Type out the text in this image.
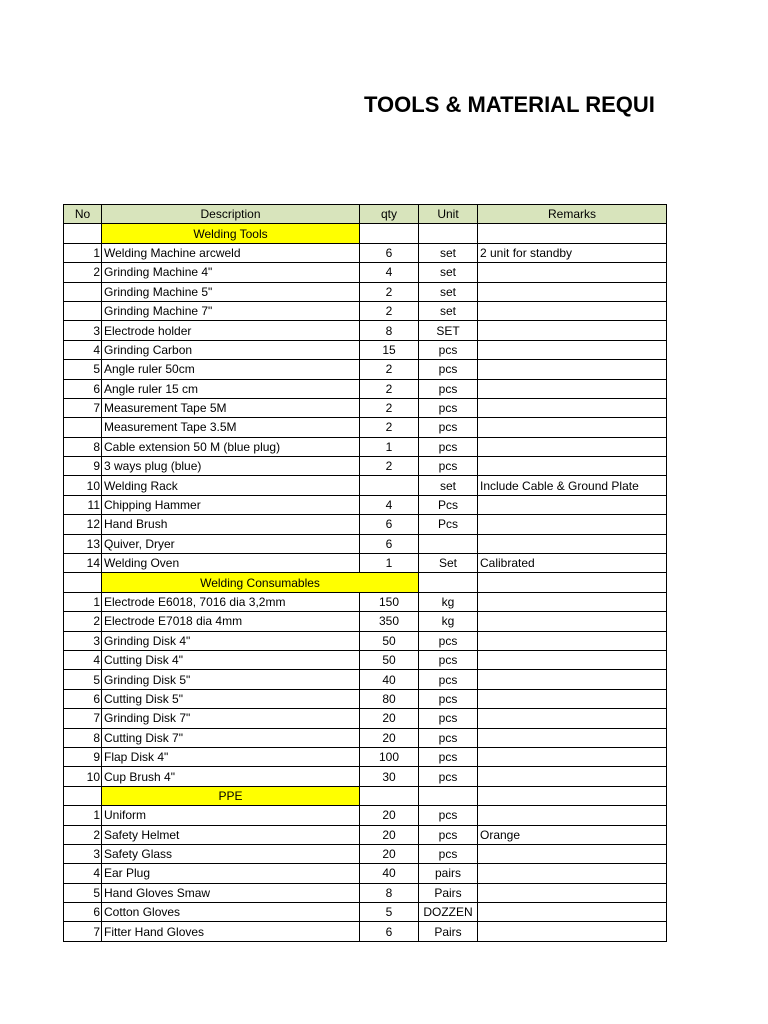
TOOLS & MATERIAL REQUI
No	Description	qty	Unit	Remarks
	Welding Tools			
1	Welding Machine arcweld	6	set	2 unit for standby
2	Grinding Machine 4"	4	set	
	Grinding Machine 5"	2	set	
	Grinding Machine 7"	2	set	
3	Electrode holder	8	SET	
4	Grinding Carbon	15	pcs	
5	Angle ruler 50cm	2	pcs	
6	Angle ruler 15 cm	2	pcs	
7	Measurement Tape 5M	2	pcs	
	Measurement Tape 3.5M	2	pcs	
8	Cable extension 50 M (blue plug)	1	pcs	
9	3 ways plug (blue)	2	pcs	
10	Welding Rack		set	Include Cable & Ground Plate
11	Chipping Hammer	4	Pcs	
12	Hand Brush	6	Pcs	
13	Quiver, Dryer	6		
14	Welding Oven	1	Set	Calibrated
	Welding Consumables			
1	Electrode E6018, 7016 dia 3,2mm	150	kg	
2	Electrode E7018 dia 4mm	350	kg	
3	Grinding Disk 4"	50	pcs	
4	Cutting Disk 4"	50	pcs	
5	Grinding Disk 5"	40	pcs	
6	Cutting Disk 5"	80	pcs	
7	Grinding Disk 7"	20	pcs	
8	Cutting Disk 7"	20	pcs	
9	Flap Disk 4"	100	pcs	
10	Cup Brush 4"	30	pcs	
	PPE			
1	Uniform	20	pcs	
2	Safety Helmet	20	pcs	Orange
3	Safety Glass	20	pcs	
4	Ear Plug	40	pairs	
5	Hand Gloves Smaw	8	Pairs	
6	Cotton Gloves	5	DOZZEN	
7	Fitter Hand Gloves	6	Pairs	
